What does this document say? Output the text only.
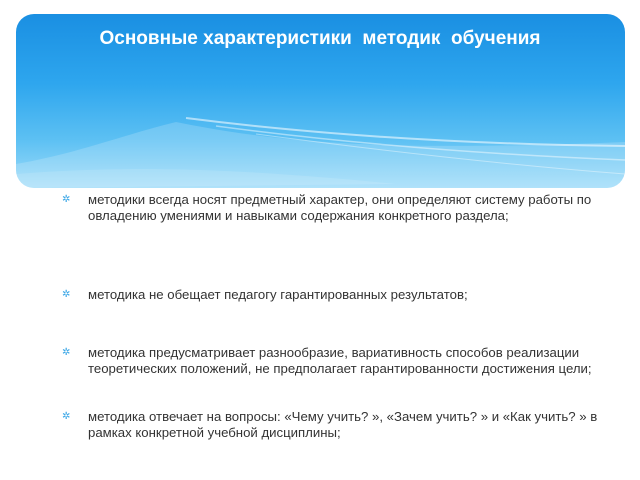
Основные характеристики  методик  обучения
✲ методики всегда носят предметный характер, они определяют систему работы по овладению умениями и навыками содержания конкретного раздела;
✲ методика не обещает педагогу гарантированных результатов;
✲ методика предусматривает разнообразие, вариативность способов реализации теоретических положений, не предполагает гарантированности достижения цели;
✲ методика отвечает на вопросы: «Чему учить? », «Зачем учить? » и «Как учить? » в рамках конкретной учебной дисциплины;
